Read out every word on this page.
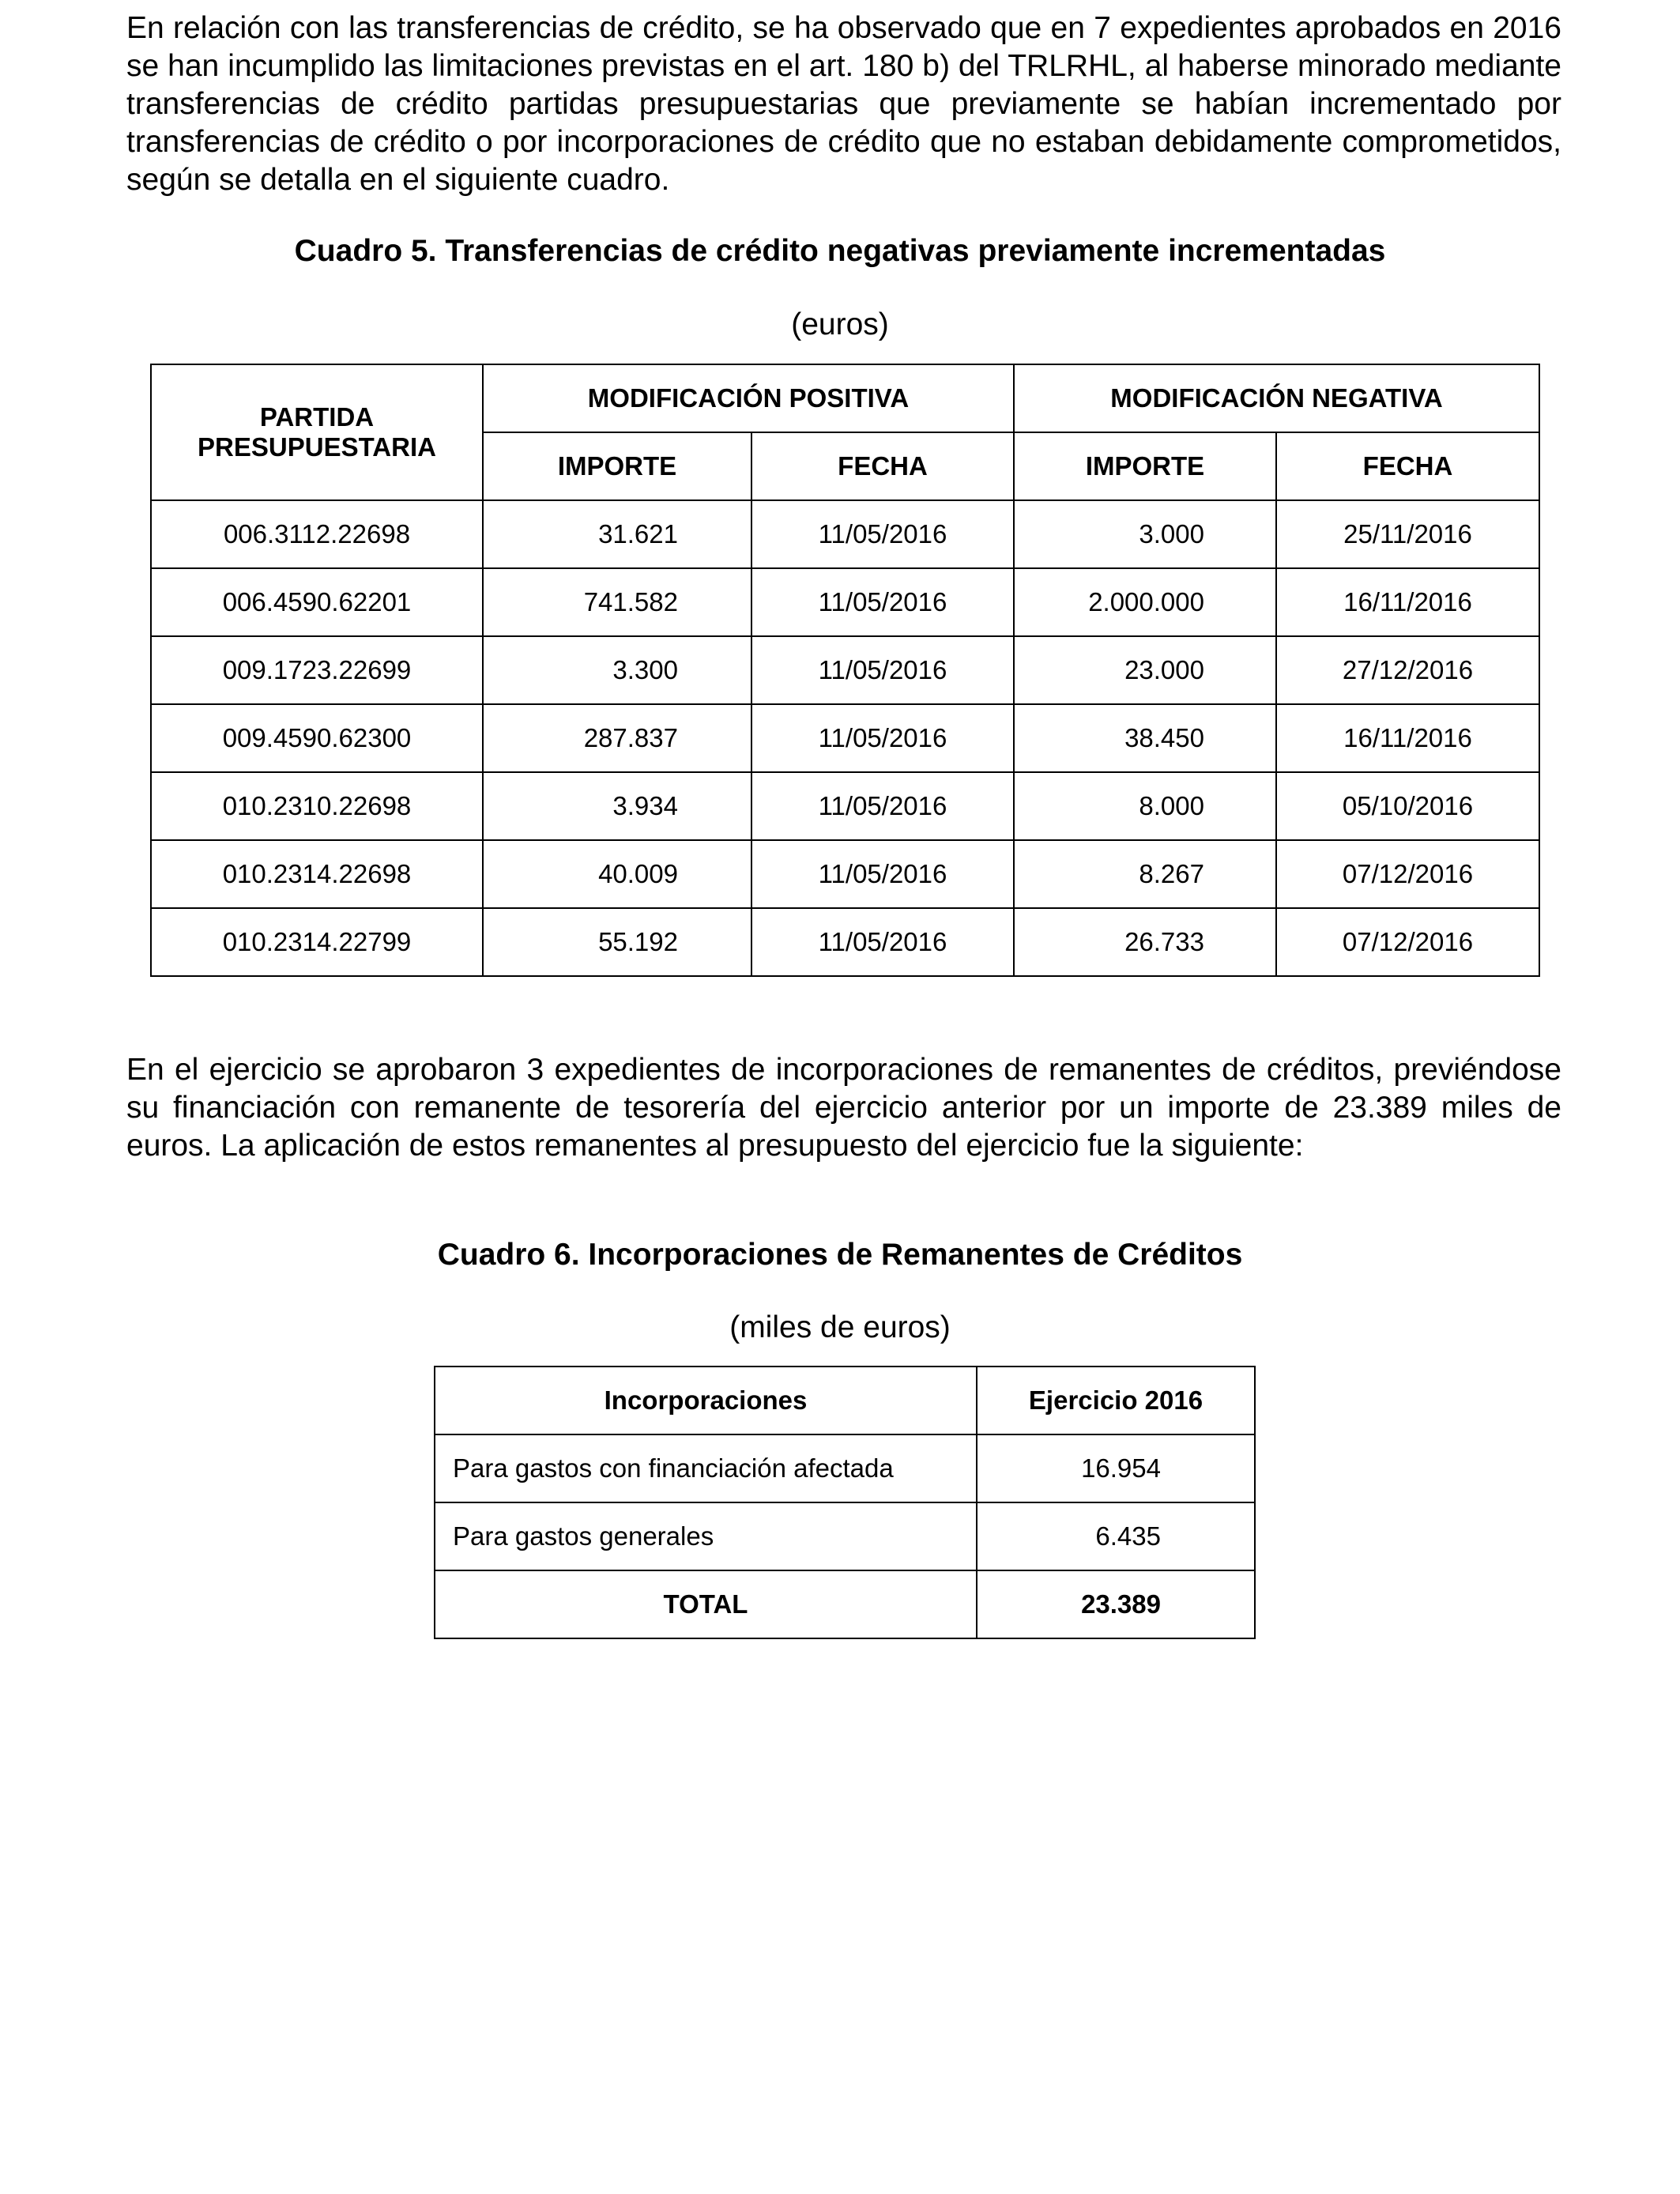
En relación con las transferencias de crédito, se ha observado que en 7 expedientes aprobados en 2016 se han incumplido las limitaciones previstas en el art. 180 b) del TRLRHL, al haberse minorado mediante transferencias de crédito partidas presupuestarias que previamente se habían incrementado por transferencias de crédito o por incorporaciones de crédito que no estaban debidamente comprometidos, según se detalla en el siguiente cuadro.

Cuadro 5. Transferencias de crédito negativas previamente incrementadas

(euros)

PARTIDA
PRESUPUESTARIA	MODIFICACIÓN POSITIVA		MODIFICACIÓN NEGATIVA	
	IMPORTE	FECHA	IMPORTE	FECHA
006.3112.22698	31.621	11/05/2016	3.000	25/11/2016
006.4590.62201	741.582	11/05/2016	2.000.000	16/11/2016
009.1723.22699	3.300	11/05/2016	23.000	27/12/2016
009.4590.62300	287.837	11/05/2016	38.450	16/11/2016
010.2310.22698	3.934	11/05/2016	8.000	05/10/2016
010.2314.22698	40.009	11/05/2016	8.267	07/12/2016
010.2314.22799	55.192	11/05/2016	26.733	07/12/2016

En el ejercicio se aprobaron 3 expedientes de incorporaciones de remanentes de créditos, previéndose su financiación con remanente de tesorería del ejercicio anterior por un importe de 23.389 miles de euros. La aplicación de estos remanentes al presupuesto del ejercicio fue la siguiente:

Cuadro 6. Incorporaciones de Remanentes de Créditos

(miles de euros)

Incorporaciones	Ejercicio 2016
Para gastos con financiación afectada	16.954
Para gastos generales	6.435
TOTAL	23.389
